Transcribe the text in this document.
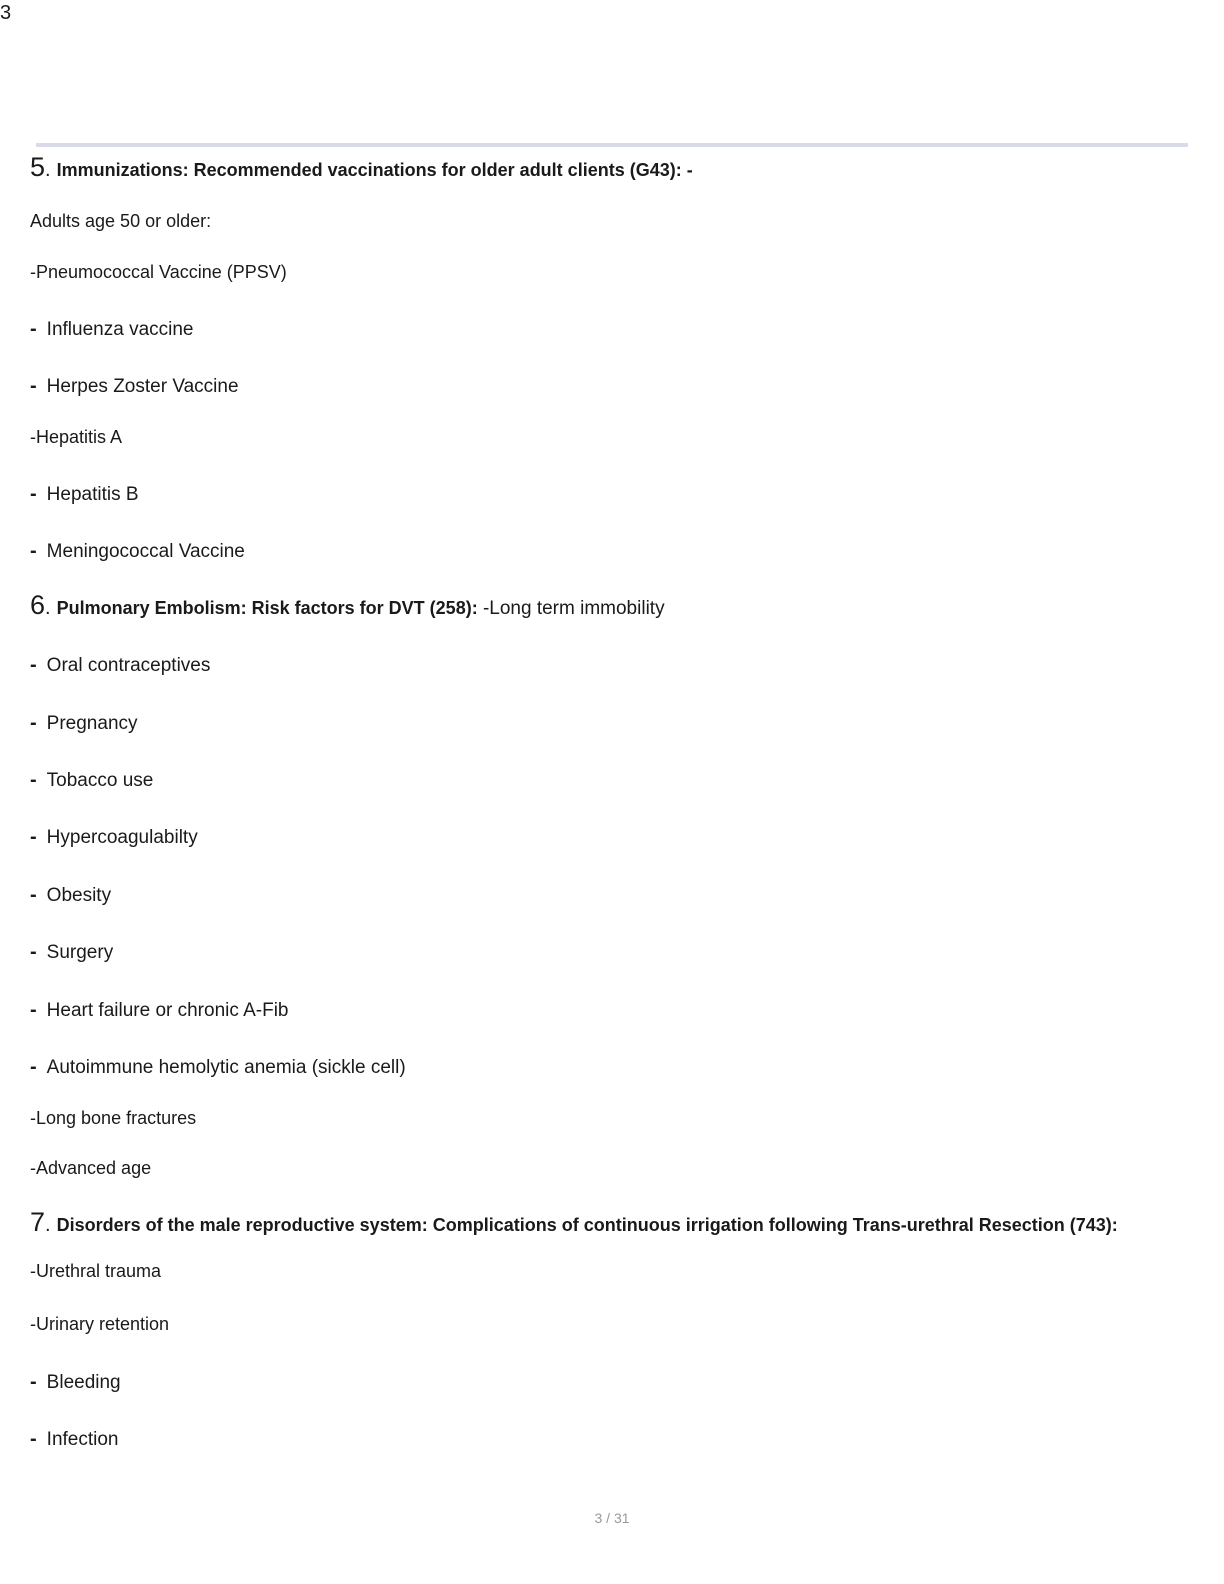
3
5. Immunizations: Recommended vaccinations for older adult clients (G43): -
Adults age 50 or older:
-Pneumococcal Vaccine (PPSV)
- Influenza vaccine
- Herpes Zoster Vaccine
-Hepatitis A
- Hepatitis B
- Meningococcal Vaccine
6. Pulmonary Embolism: Risk factors for DVT (258): -Long term immobility
- Oral contraceptives
- Pregnancy
- Tobacco use
- Hypercoagulabilty
- Obesity
- Surgery
- Heart failure or chronic A-Fib
- Autoimmune hemolytic anemia (sickle cell)
-Long bone fractures
-Advanced age
7. Disorders of the male reproductive system: Complications of continuous irrigation following Trans-urethral Resection (743):
-Urethral trauma
-Urinary retention
- Bleeding
- Infection
3 / 31
